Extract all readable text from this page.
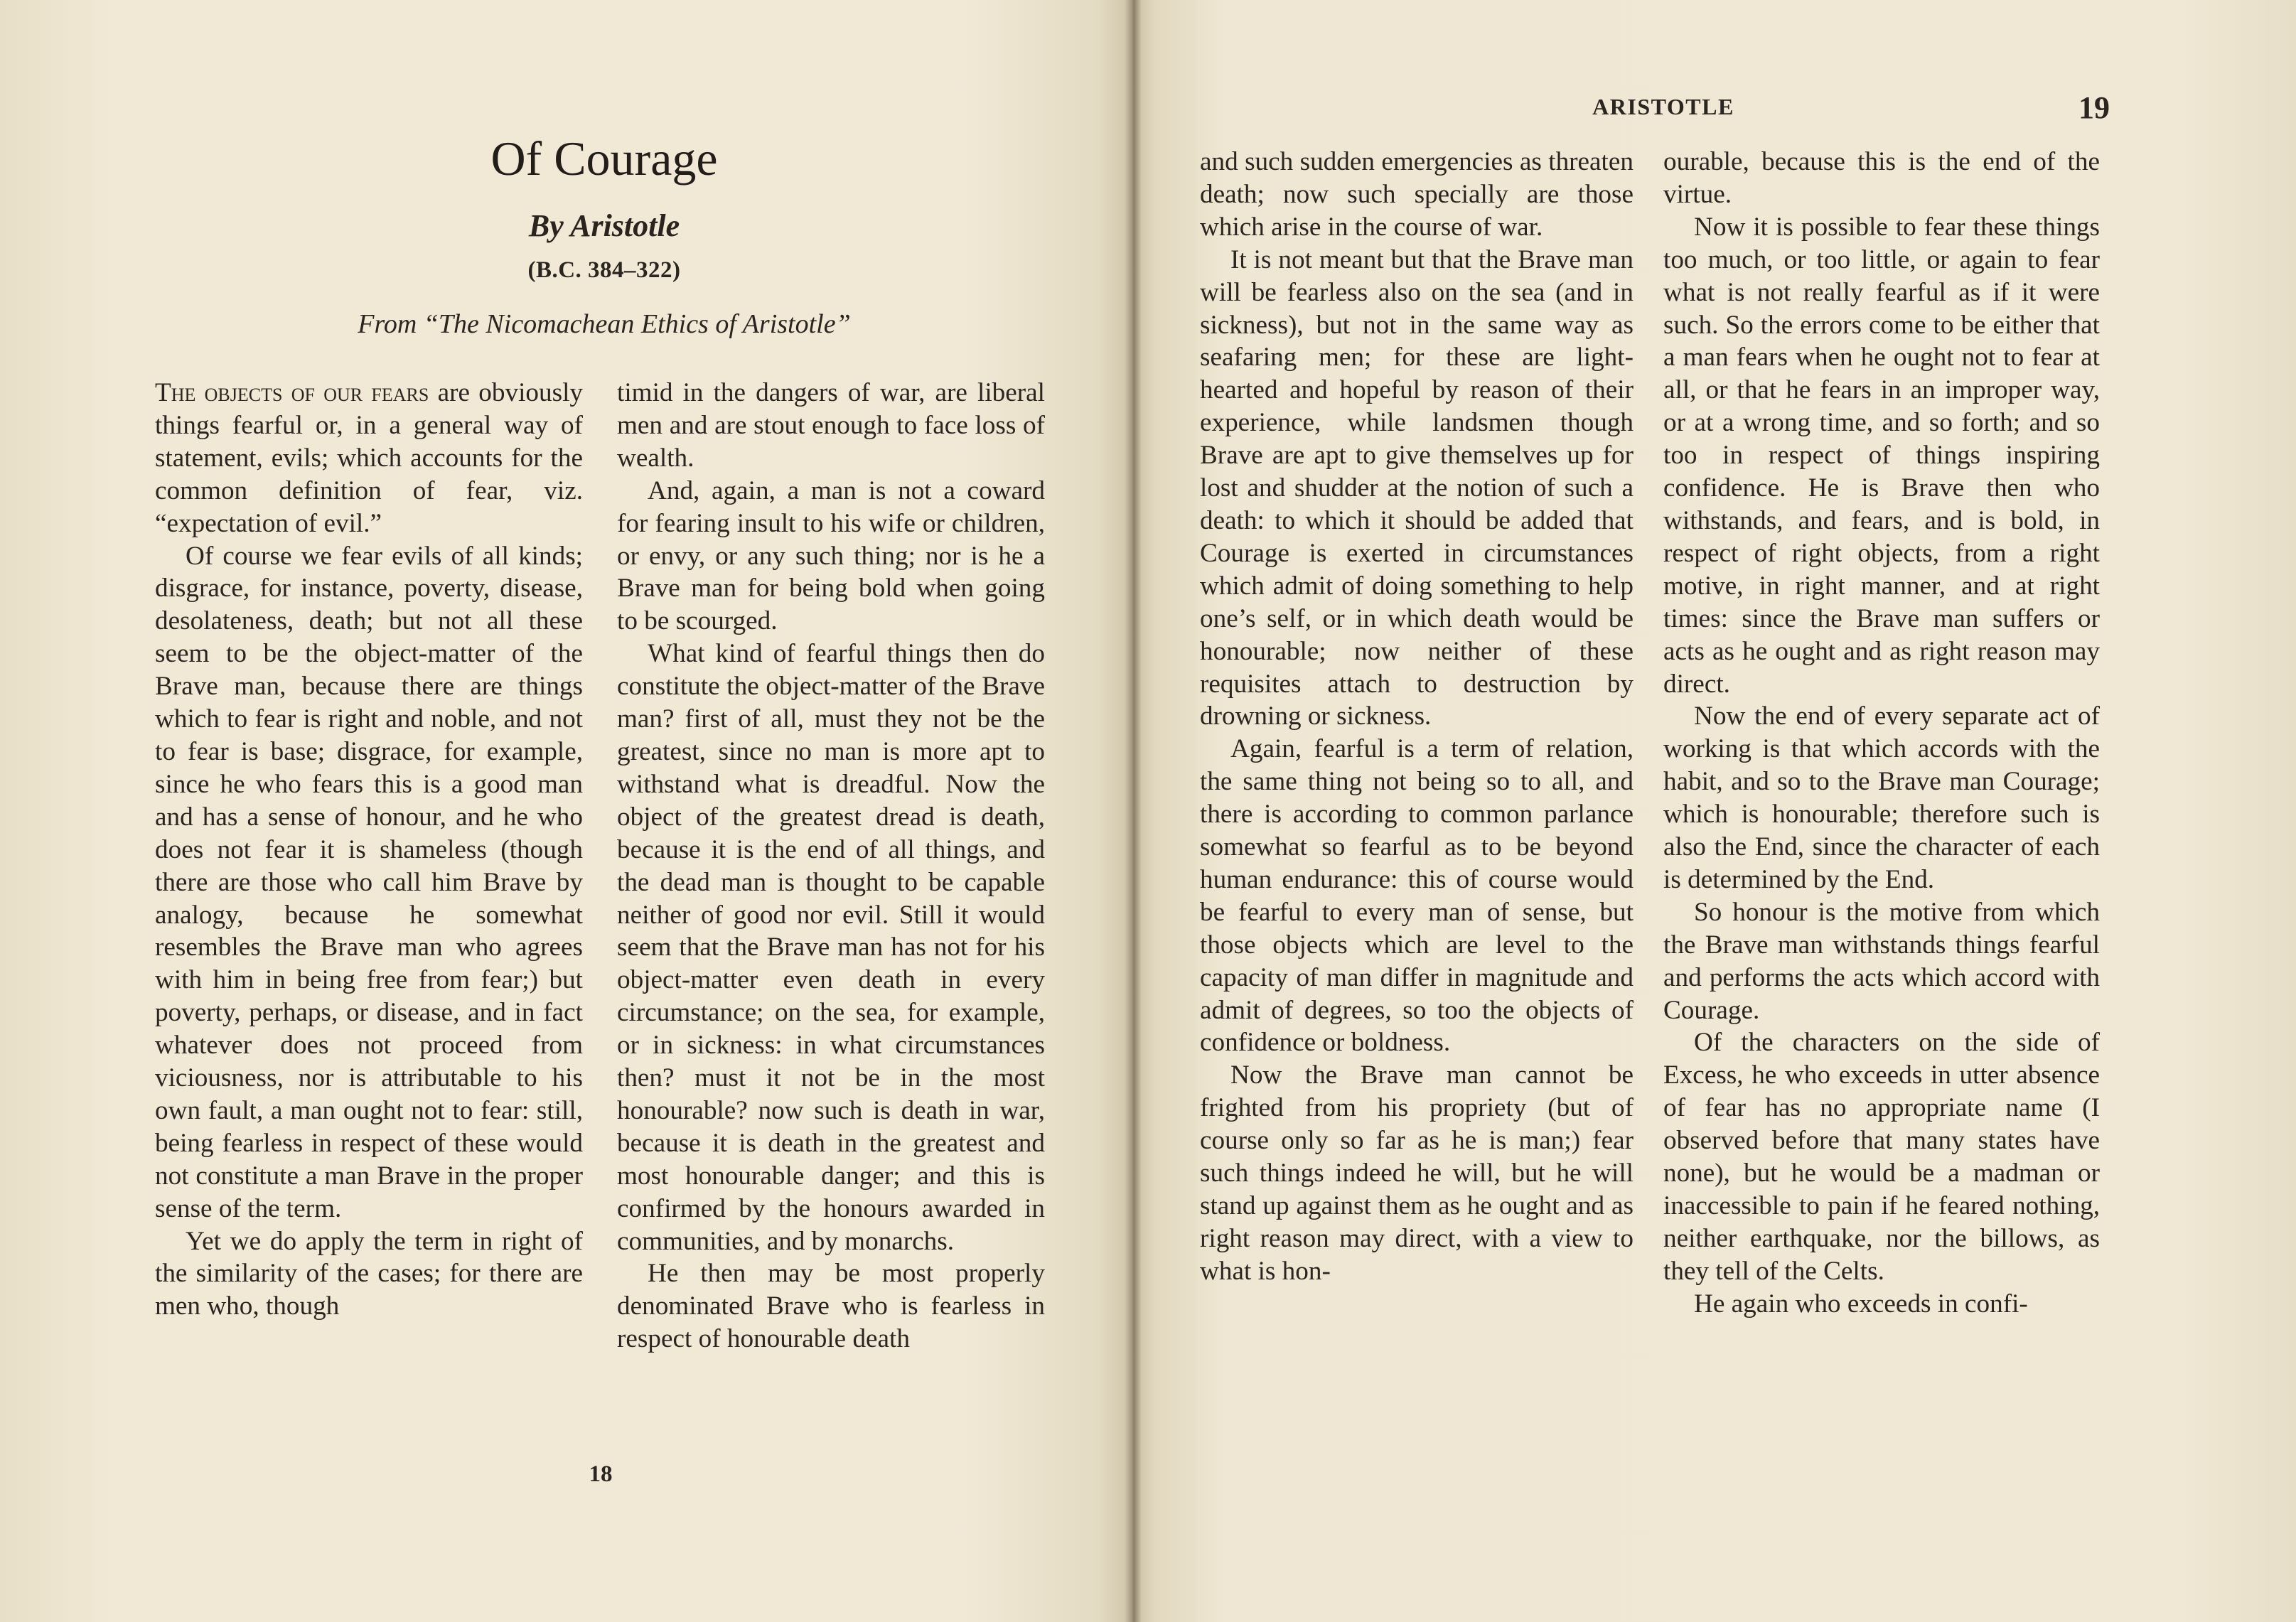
Of Courage
By Aristotle
(B.C. 384–322)
From “The Nicomachean Ethics of Aristotle”

The objects of our fears are obviously things fearful or, in a general way of statement, evils; which accounts for the common definition of fear, viz. “expectation of evil.”

Of course we fear evils of all kinds; disgrace, for instance, poverty, disease, desolateness, death; but not all these seem to be the object-matter of the Brave man, because there are things which to fear is right and noble, and not to fear is base; disgrace, for example, since he who fears this is a good man and has a sense of honour, and he who does not fear it is shameless (though there are those who call him Brave by analogy, because he somewhat resembles the Brave man who agrees with him in being free from fear;) but poverty, perhaps, or disease, and in fact whatever does not proceed from viciousness, nor is attributable to his own fault, a man ought not to fear: still, being fearless in respect of these would not constitute a man Brave in the proper sense of the term.

Yet we do apply the term in right of the similarity of the cases; for there are men who, though

timid in the dangers of war, are liberal men and are stout enough to face loss of wealth.

And, again, a man is not a coward for fearing insult to his wife or children, or envy, or any such thing; nor is he a Brave man for being bold when going to be scourged.

What kind of fearful things then do constitute the object-matter of the Brave man? first of all, must they not be the greatest, since no man is more apt to withstand what is dreadful. Now the object of the greatest dread is death, because it is the end of all things, and the dead man is thought to be capable neither of good nor evil. Still it would seem that the Brave man has not for his object-matter even death in every circumstance; on the sea, for example, or in sickness: in what circumstances then? must it not be in the most honourable? now such is death in war, because it is death in the greatest and most honourable danger; and this is confirmed by the honours awarded in communities, and by monarchs.

He then may be most properly denominated Brave who is fearless in respect of honourable death

18
ARISTOTLE	19

and such sudden emergencies as threaten death; now such specially are those which arise in the course of war.

It is not meant but that the Brave man will be fearless also on the sea (and in sickness), but not in the same way as seafaring men; for these are light-hearted and hopeful by reason of their experience, while landsmen though Brave are apt to give themselves up for lost and shudder at the notion of such a death: to which it should be added that Courage is exerted in circumstances which admit of doing something to help one’s self, or in which death would be honourable; now neither of these requisites attach to destruction by drowning or sickness.

Again, fearful is a term of relation, the same thing not being so to all, and there is according to common parlance somewhat so fearful as to be beyond human endurance: this of course would be fearful to every man of sense, but those objects which are level to the capacity of man differ in magnitude and admit of degrees, so too the objects of confidence or boldness.

Now the Brave man cannot be frighted from his propriety (but of course only so far as he is man;) fear such things indeed he will, but he will stand up against them as he ought and as right reason may direct, with a view to what is hon-

ourable, because this is the end of the virtue.

Now it is possible to fear these things too much, or too little, or again to fear what is not really fearful as if it were such. So the errors come to be either that a man fears when he ought not to fear at all, or that he fears in an improper way, or at a wrong time, and so forth; and so too in respect of things inspiring confidence. He is Brave then who withstands, and fears, and is bold, in respect of right objects, from a right motive, in right manner, and at right times: since the Brave man suffers or acts as he ought and as right reason may direct.

Now the end of every separate act of working is that which accords with the habit, and so to the Brave man Courage; which is honourable; therefore such is also the End, since the character of each is determined by the End.

So honour is the motive from which the Brave man withstands things fearful and performs the acts which accord with Courage.

Of the characters on the side of Excess, he who exceeds in utter absence of fear has no appropriate name (I observed before that many states have none), but he would be a madman or inaccessible to pain if he feared nothing, neither earthquake, nor the billows, as they tell of the Celts.

He again who exceeds in confi-
